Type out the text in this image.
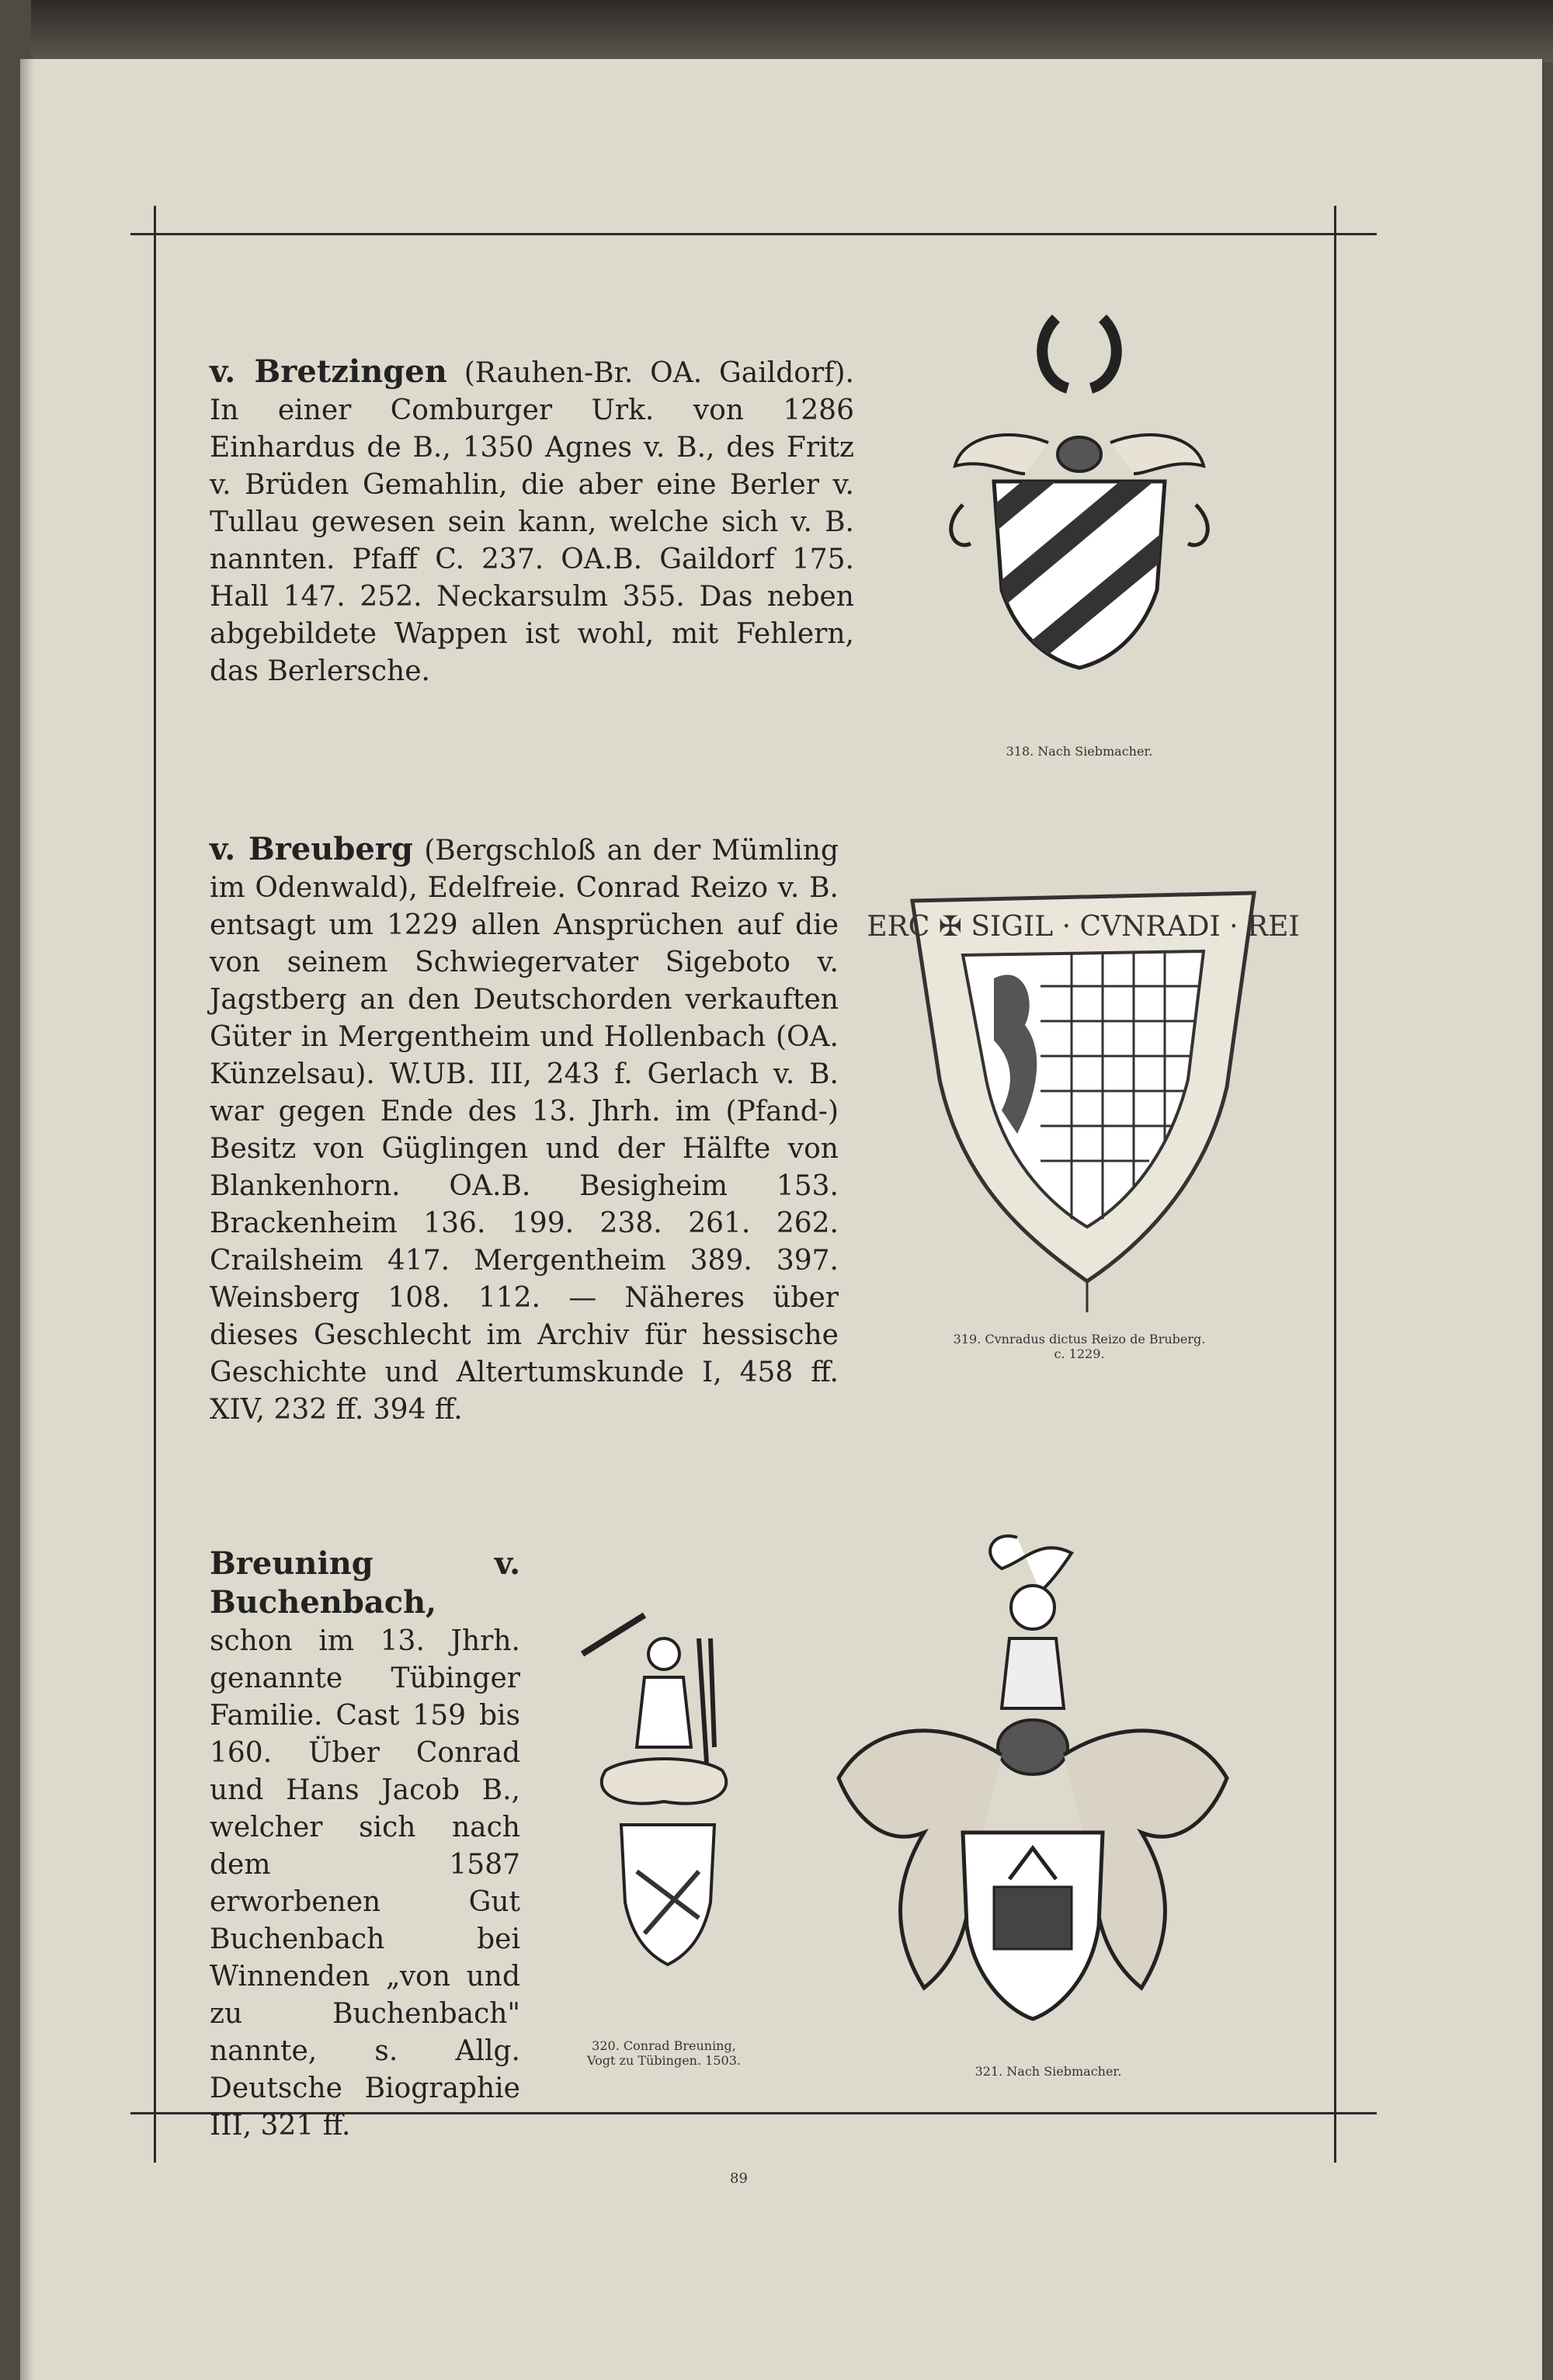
v. Bretzingen (Rauhen-Br. OA. Gaildorf). In einer Comburger Urk. von 1286 Einhardus de B., 1350 Agnes v. B., des Fritz v. Brüden Gemahlin, die aber eine Berler v. Tullau gewesen sein kann, welche sich v. B. nannten. Pfaff C. 237. OA.B. Gaildorf 175. Hall 147. 252. Neckarsulm 355. Das neben abgebildete Wappen ist wohl, mit Fehlern, das Berlersche.
318. Nach Siebmacher.
v. Breuberg (Bergschloß an der Mümling im Odenwald), Edelfreie. Conrad Reizo v. B. entsagt um 1229 allen Ansprüchen auf die von seinem Schwiegervater Sigeboto v. Jagstberg an den Deutschorden verkauften Güter in Mergentheim und Hollenbach (OA. Künzelsau). W.UB. III, 243 f. Gerlach v. B. war gegen Ende des 13. Jhrh. im (Pfand-) Besitz von Güglingen und der Hälfte von Blankenhorn. OA.B. Besigheim 153. Brackenheim 136. 199. 238. 261. 262. Crailsheim 417. Mergentheim 389. 397. Weinsberg 108. 112. — Näheres über dieses Geschlecht im Archiv für hessische Geschichte und Altertumskunde I, 458 ff. XIV, 232 ff. 394 ff.
ERC ✠ SIGIL · CVNRADI · REI
319. Cvnradus dictus Reizo de Bruberg.
c. 1229.
Breuning v. Buchenbach, schon im 13. Jhrh. genannte Tübinger Familie. Cast 159 bis 160. Über Conrad und Hans Jacob B., welcher sich nach dem 1587 erworbenen Gut Buchenbach bei Winnenden „von und zu Buchenbach" nannte, s. Allg. Deutsche Biographie III, 321 ff.
320. Conrad Breuning,
Vogt zu Tübingen. 1503.
321. Nach Siebmacher.
89
